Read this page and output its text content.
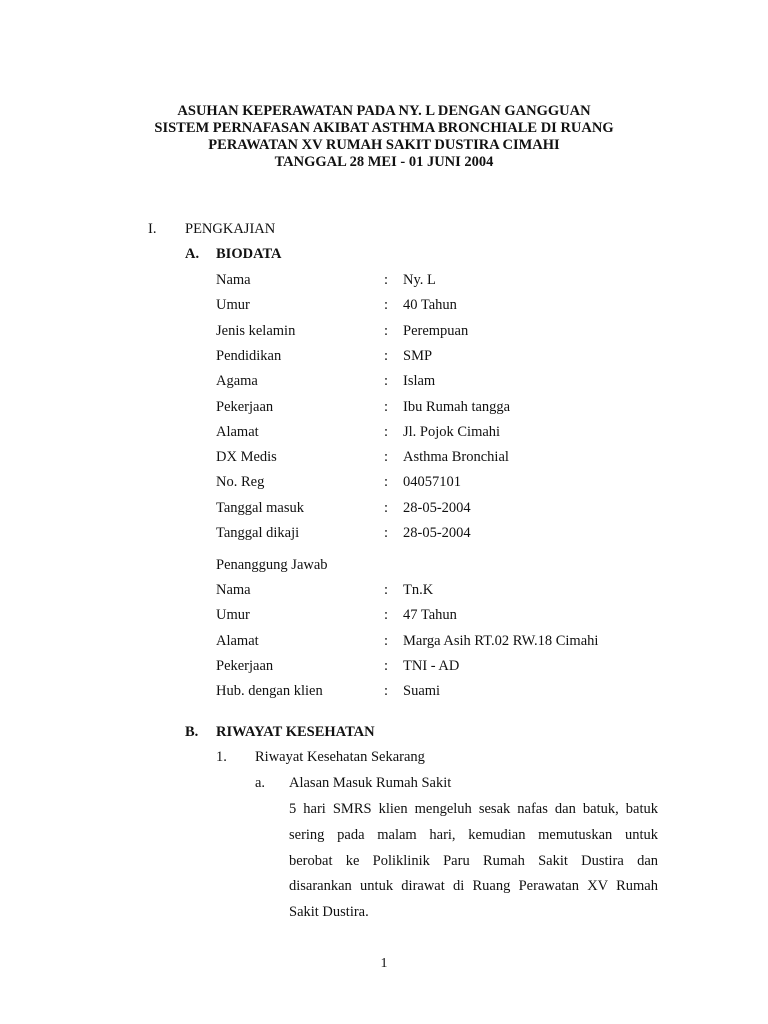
ASUHAN KEPERAWATAN PADA NY. L DENGAN GANGGUAN
SISTEM PERNAFASAN AKIBAT ASTHMA BRONCHIALE DI RUANG
PERAWATAN XV RUMAH SAKIT DUSTIRA CIMAHI
TANGGAL 28 MEI - 01 JUNI 2004
I. PENGKAJIAN
A. BIODATA
Nama	: Ny. L
Umur	: 40 Tahun
Jenis kelamin	: Perempuan
Pendidikan	: SMP
Agama	: Islam
Pekerjaan	: Ibu Rumah tangga
Alamat	: Jl. Pojok Cimahi
DX Medis	: Asthma Bronchial
No. Reg	: 04057101
Tanggal masuk	: 28-05-2004
Tanggal dikaji	: 28-05-2004
Penanggung Jawab
Nama	: Tn.K
Umur	: 47 Tahun
Alamat	: Marga Asih RT.02 RW.18 Cimahi
Pekerjaan	: TNI - AD
Hub. dengan klien	: Suami
B. RIWAYAT KESEHATAN
1. Riwayat Kesehatan Sekarang
a. Alasan Masuk Rumah Sakit
5 hari SMRS klien mengeluh sesak nafas dan batuk, batuk
sering pada malam hari, kemudian memutuskan untuk
berobat ke Poliklinik Paru Rumah Sakit Dustira dan
disarankan untuk dirawat di Ruang Perawatan XV Rumah
Sakit Dustira.
1
